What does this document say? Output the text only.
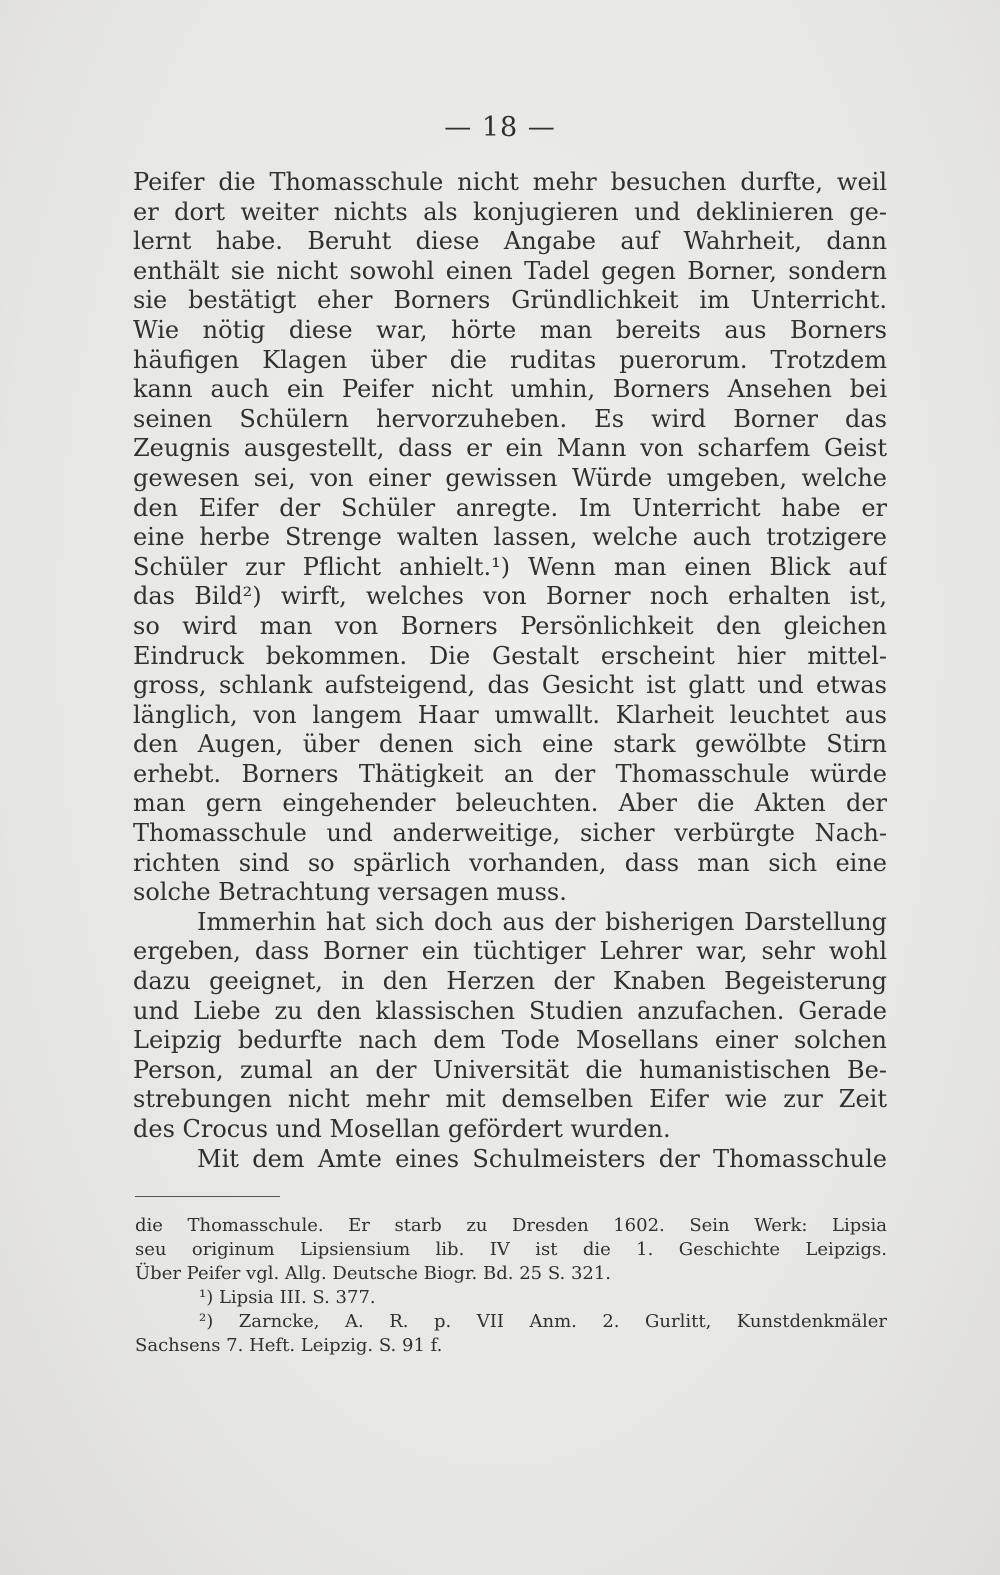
— 18 —
Peifer die Thomasschule nicht mehr besuchen durfte, weil
er dort weiter nichts als konjugieren und deklinieren ge-
lernt habe. Beruht diese Angabe auf Wahrheit, dann
enthält sie nicht sowohl einen Tadel gegen Borner, sondern
sie bestätigt eher Borners Gründlichkeit im Unterricht.
Wie nötig diese war, hörte man bereits aus Borners
häufigen Klagen über die ruditas puerorum. Trotzdem
kann auch ein Peifer nicht umhin, Borners Ansehen bei
seinen Schülern hervorzuheben. Es wird Borner das
Zeugnis ausgestellt, dass er ein Mann von scharfem Geist
gewesen sei, von einer gewissen Würde umgeben, welche
den Eifer der Schüler anregte. Im Unterricht habe er
eine herbe Strenge walten lassen, welche auch trotzigere
Schüler zur Pflicht anhielt.¹) Wenn man einen Blick auf
das Bild²) wirft, welches von Borner noch erhalten ist,
so wird man von Borners Persönlichkeit den gleichen
Eindruck bekommen. Die Gestalt erscheint hier mittel-
gross, schlank aufsteigend, das Gesicht ist glatt und etwas
länglich, von langem Haar umwallt. Klarheit leuchtet aus
den Augen, über denen sich eine stark gewölbte Stirn
erhebt. Borners Thätigkeit an der Thomasschule würde
man gern eingehender beleuchten. Aber die Akten der
Thomasschule und anderweitige, sicher verbürgte Nach-
richten sind so spärlich vorhanden, dass man sich eine
solche Betrachtung versagen muss.
Immerhin hat sich doch aus der bisherigen Darstellung
ergeben, dass Borner ein tüchtiger Lehrer war, sehr wohl
dazu geeignet, in den Herzen der Knaben Begeisterung
und Liebe zu den klassischen Studien anzufachen. Gerade
Leipzig bedurfte nach dem Tode Mosellans einer solchen
Person, zumal an der Universität die humanistischen Be-
strebungen nicht mehr mit demselben Eifer wie zur Zeit
des Crocus und Mosellan gefördert wurden.
Mit dem Amte eines Schulmeisters der Thomasschule
die Thomasschule. Er starb zu Dresden 1602. Sein Werk: Lipsia
seu originum Lipsiensium lib. IV ist die 1. Geschichte Leipzigs.
Über Peifer vgl. Allg. Deutsche Biogr. Bd. 25 S. 321.
¹) Lipsia III. S. 377.
²) Zarncke, A. R. p. VII Anm. 2. Gurlitt, Kunstdenkmäler
Sachsens 7. Heft. Leipzig. S. 91 f.
